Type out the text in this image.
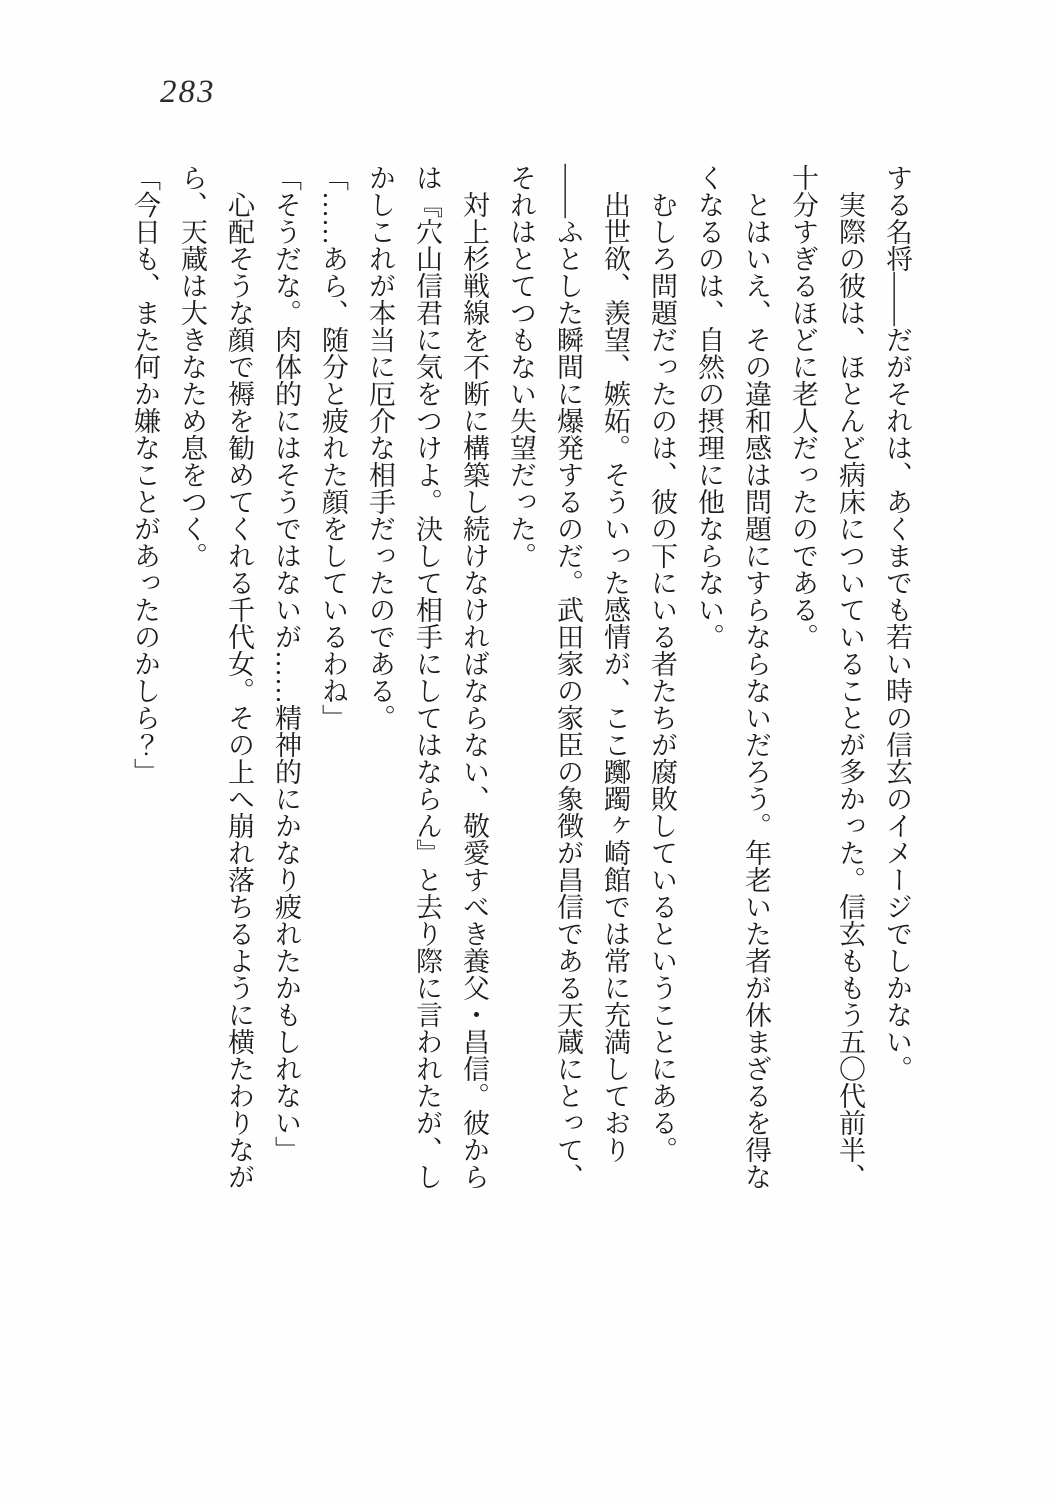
283

する名将――だがそれは、あくまでも若い時の信玄のイメージでしかない。

　実際の彼は、ほとんど病床についていることが多かった。信玄ももう五〇代前半、

十分すぎるほどに老人だったのである。

　とはいえ、その違和感は問題にすらならないだろう。年老いた者が休まざるを得な

くなるのは、自然の摂理に他ならない。

　むしろ問題だったのは、彼の下にいる者たちが腐敗しているということにある。

　出世欲、羨望、嫉妬。そういった感情が、ここ躑躅ヶ崎館では常に充満しており

――ふとした瞬間に爆発するのだ。武田家の家臣の象徴が昌信である天蔵にとって、

それはとてつもない失望だった。

　対上杉戦線を不断に構築し続けなければならない、敬愛すべき養父・昌信。彼から

は『穴山信君に気をつけよ。決して相手にしてはならん』と去り際に言われたが、し

かしこれが本当に厄介な相手だったのである。

「……あら、随分と疲れた顔をしているわね」

「そうだな。肉体的にはそうではないが……精神的にかなり疲れたかもしれない」

　心配そうな顔で褥を勧めてくれる千代女。その上へ崩れ落ちるように横たわりなが

ら、天蔵は大きなため息をつく。

「今日も、また何か嫌なことがあったのかしら？」
